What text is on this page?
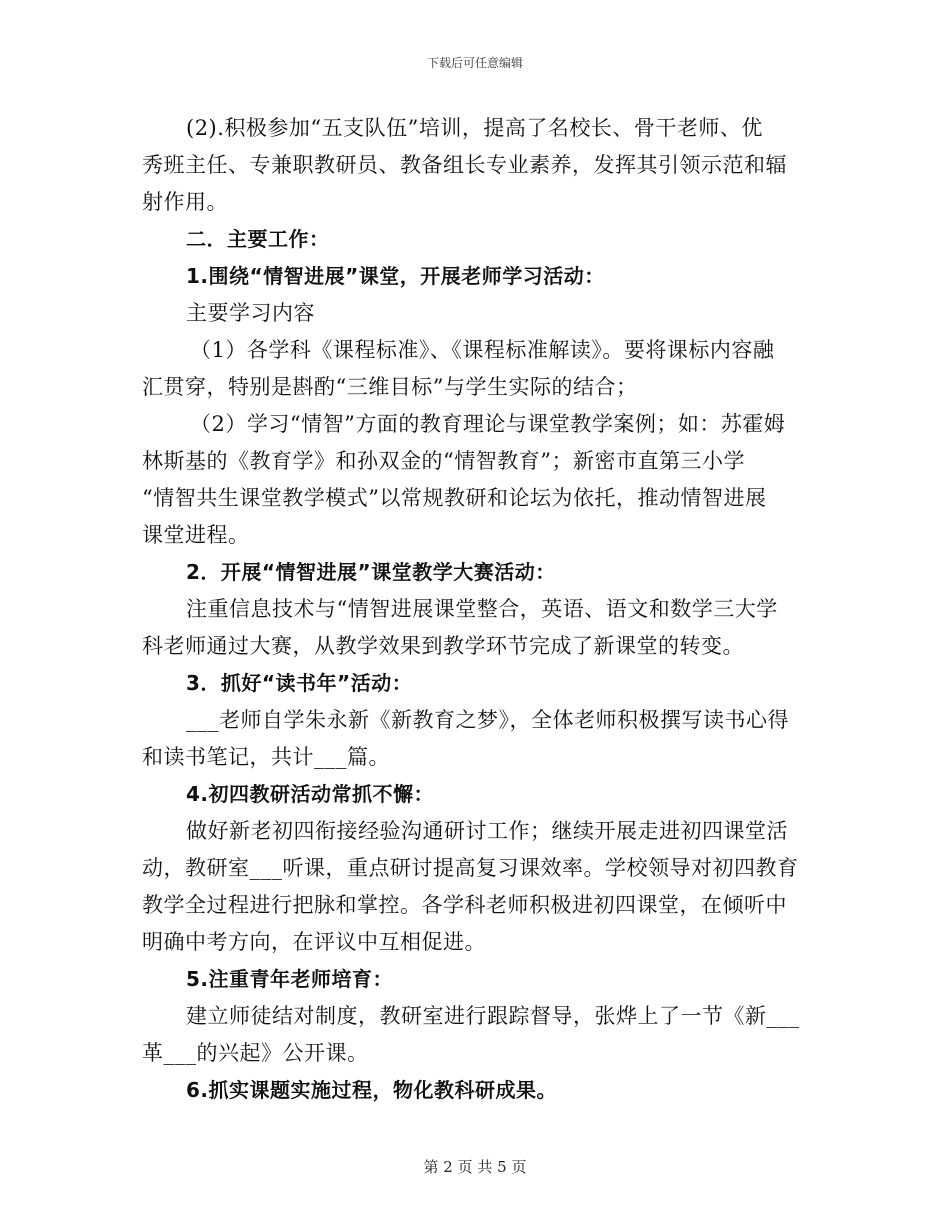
下载后可任意编辑
(2).积极参加“五支队伍”培训，提高了名校长、骨干老师、优
秀班主任、专兼职教研员、教备组长专业素养，发挥其引领示范和辐
射作用。
二．主要工作：
1.围绕“情智进展”课堂，开展老师学习活动：
主要学习内容
（1）各学科《课程标准》、《课程标准解读》。要将课标内容融
汇贯穿，特别是斟酌“三维目标”与学生实际的结合；
（2）学习“情智”方面的教育理论与课堂教学案例；如：苏霍姆
林斯基的《教育学》和孙双金的“情智教育”；新密市直第三小学
“情智共生课堂教学模式”以常规教研和论坛为依托，推动情智进展
课堂进程。
2．开展“情智进展”课堂教学大赛活动：
注重信息技术与“情智进展课堂整合，英语、语文和数学三大学
科老师通过大赛，从教学效果到教学环节完成了新课堂的转变。
3．抓好“读书年”活动：
___老师自学朱永新《新教育之梦》，全体老师积极撰写读书心得
和读书笔记，共计___篇。
4.初四教研活动常抓不懈：
做好新老初四衔接经验沟通研讨工作；继续开展走进初四课堂活
动，教研室___听课，重点研讨提高复习课效率。学校领导对初四教育
教学全过程进行把脉和掌控。各学科老师积极进初四课堂，在倾听中
明确中考方向，在评议中互相促进。
5.注重青年老师培育：
建立师徒结对制度，教研室进行跟踪督导，张烨上了一节《新___
革___的兴起》公开课。
6.抓实课题实施过程，物化教科研成果。
第 2 页 共 5 页
